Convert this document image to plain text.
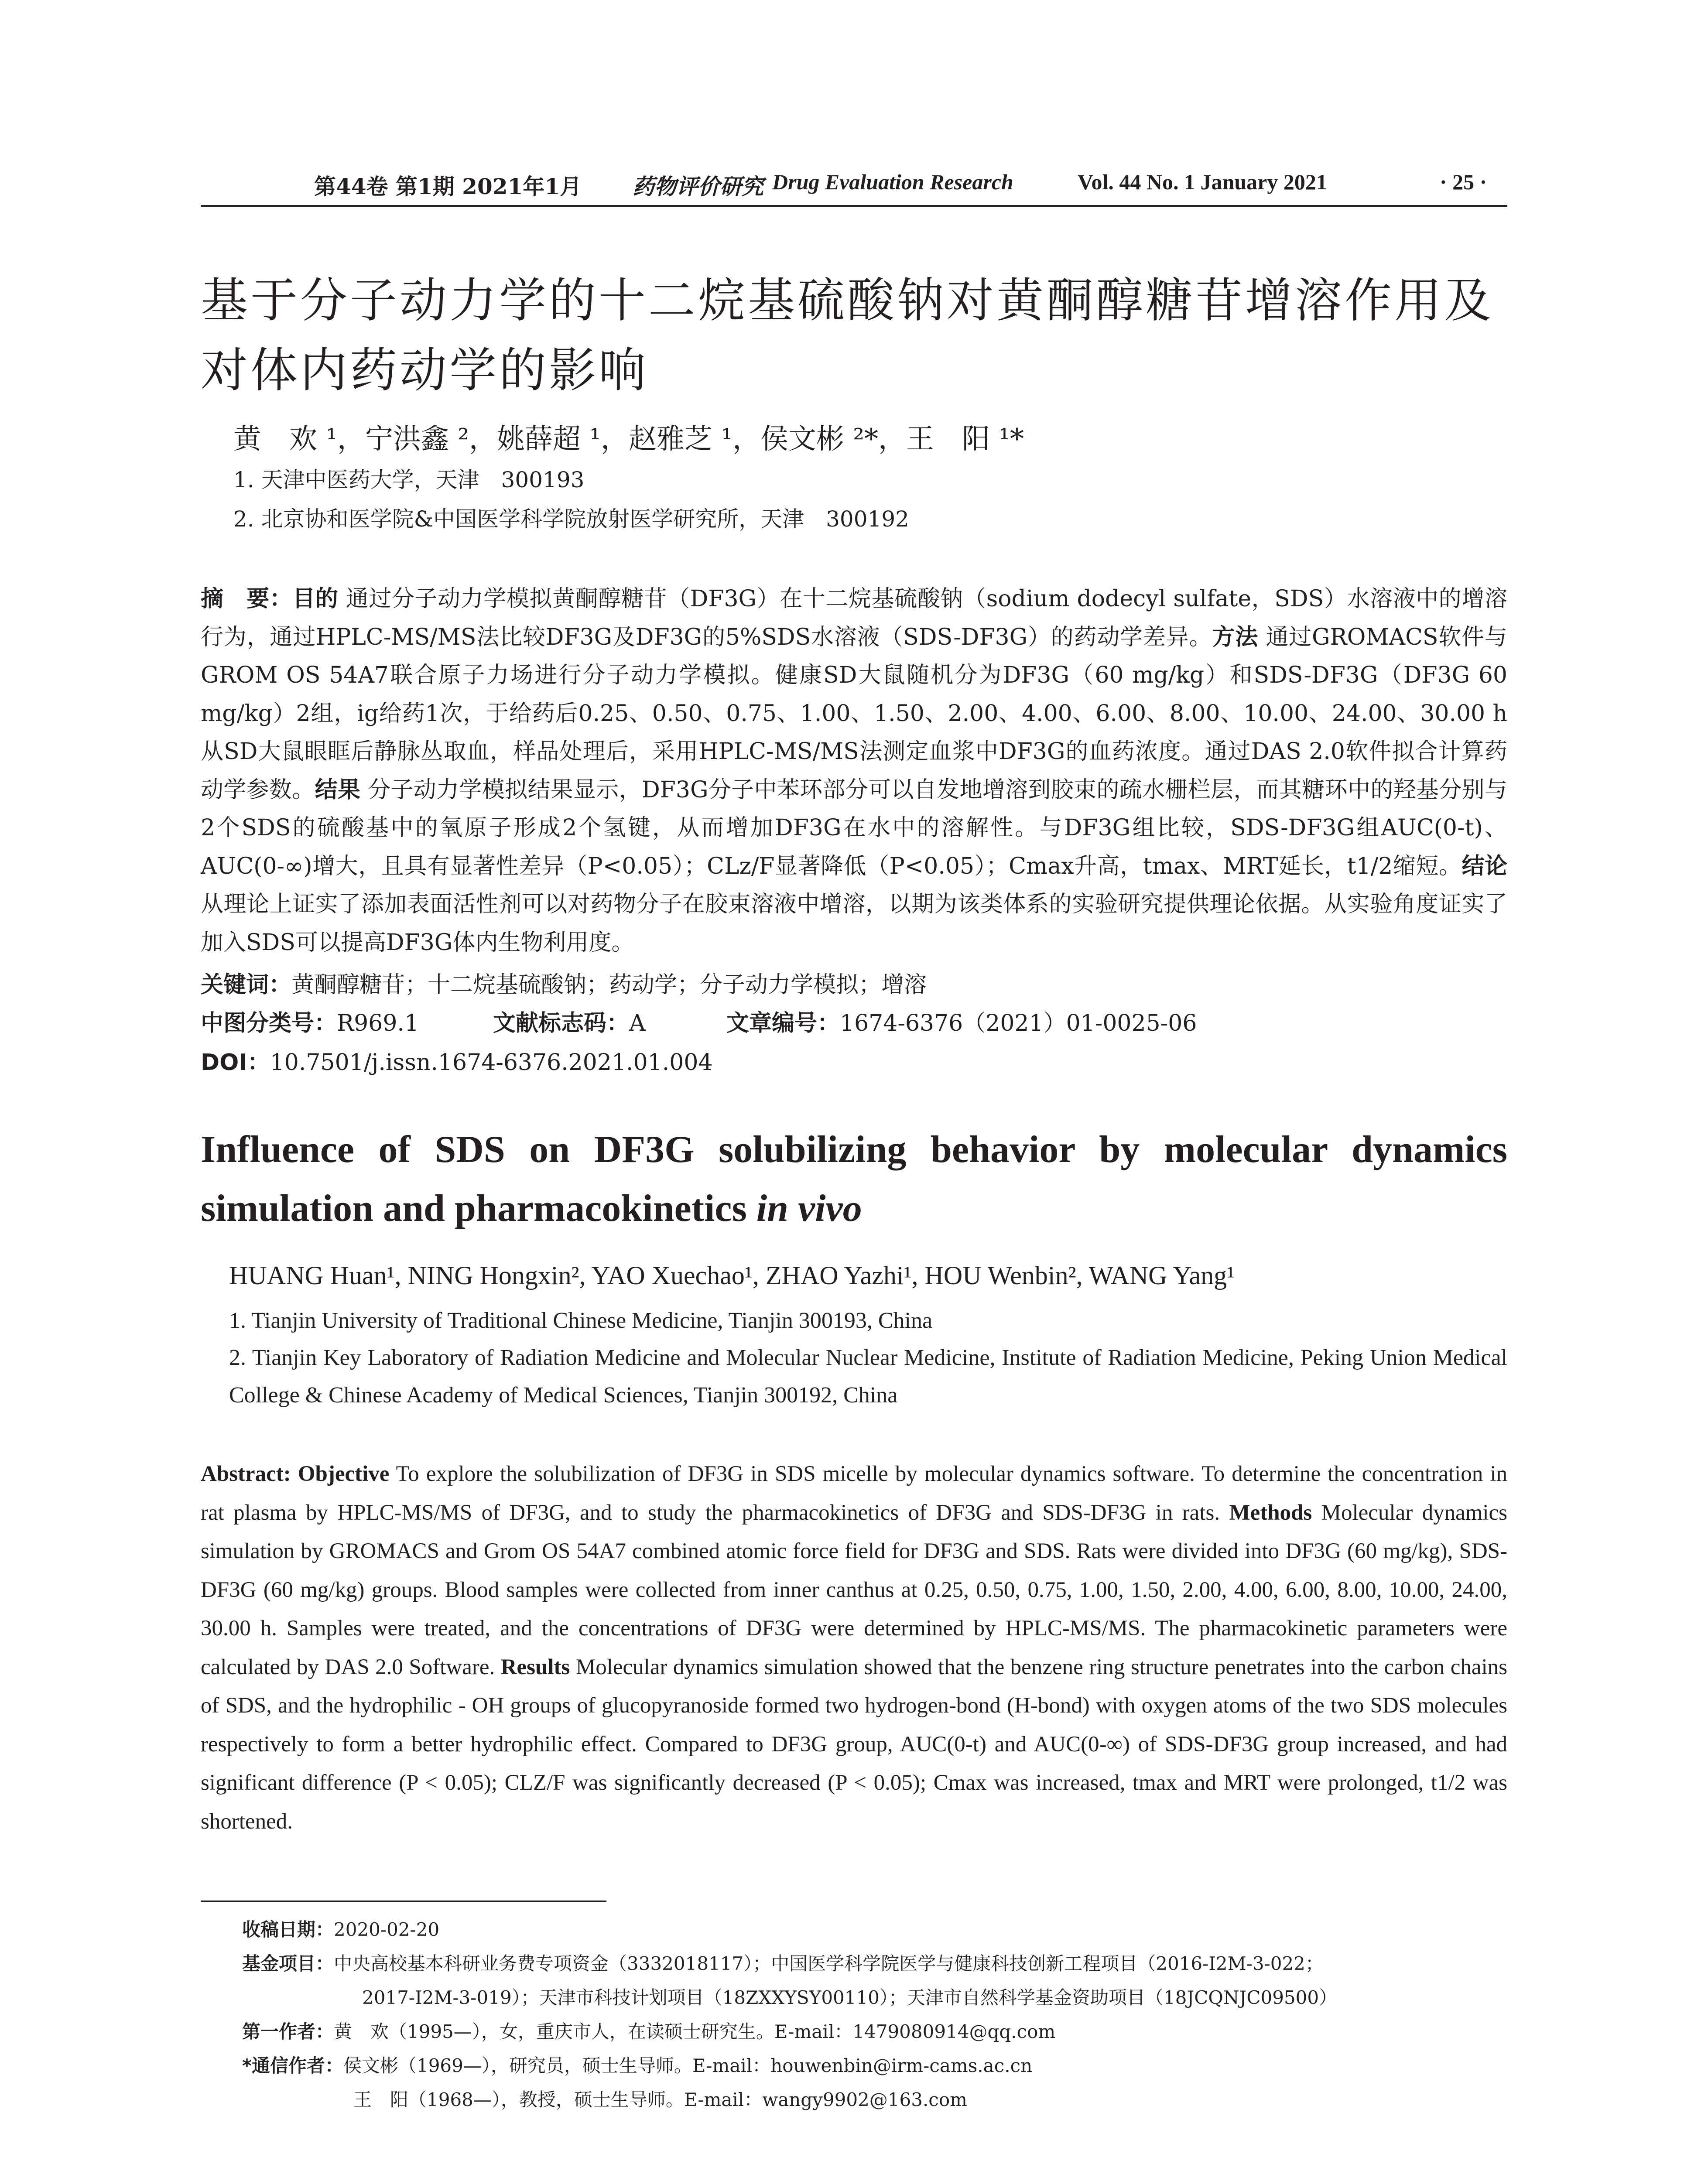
第44卷 第1期 2021年1月 药物评价研究 Drug Evaluation Research	Vol. 44 No. 1 January 2021	· 25 ·
基于分子动力学的十二烷基硫酸钠对黄酮醇糖苷增溶作用及对体内药动学的影响
黄　欢 ¹，宁洪鑫 ²，姚薛超 ¹，赵雅芝 ¹，侯文彬 ²*，王　阳 ¹*
1. 天津中医药大学，天津　300193
2. 北京协和医学院&中国医学科学院放射医学研究所，天津　300192
摘　要：目的 通过分子动力学模拟黄酮醇糖苷（DF3G）在十二烷基硫酸钠（sodium dodecyl sulfate，SDS）水溶液中的增溶行为，通过HPLC-MS/MS法比较DF3G及DF3G的5%SDS水溶液（SDS-DF3G）的药动学差异。方法 通过GROMACS软件与GROM OS 54A7联合原子力场进行分子动力学模拟。健康SD大鼠随机分为DF3G（60 mg/kg）和SDS-DF3G（DF3G 60 mg/kg）2组，ig给药1次，于给药后0.25、0.50、0.75、1.00、1.50、2.00、4.00、6.00、8.00、10.00、24.00、30.00 h从SD大鼠眼眶后静脉丛取血，样品处理后，采用HPLC-MS/MS法测定血浆中DF3G的血药浓度。通过DAS 2.0软件拟合计算药动学参数。结果 分子动力学模拟结果显示，DF3G分子中苯环部分可以自发地增溶到胶束的疏水栅栏层，而其糖环中的羟基分别与2个SDS的硫酸基中的氧原子形成2个氢键，从而增加DF3G在水中的溶解性。与DF3G组比较，SDS-DF3G组AUC(0-t)、AUC(0-∞)增大，且具有显著性差异（P<0.05）；CLz/F显著降低（P<0.05）；Cmax升高，tmax、MRT延长，t1/2缩短。结论 从理论上证实了添加表面活性剂可以对药物分子在胶束溶液中增溶，以期为该类体系的实验研究提供理论依据。从实验角度证实了加入SDS可以提高DF3G体内生物利用度。
关键词：黄酮醇糖苷；十二烷基硫酸钠；药动学；分子动力学模拟；增溶
中图分类号：R969.1	文献标志码：A	文章编号：1674-6376（2021）01-0025-06
DOI：10.7501/j.issn.1674-6376.2021.01.004
Influence of SDS on DF3G solubilizing behavior by molecular dynamics
simulation and pharmacokinetics in vivo
HUANG Huan¹, NING Hongxin², YAO Xuechao¹, ZHAO Yazhi¹, HOU Wenbin², WANG Yang¹
1. Tianjin University of Traditional Chinese Medicine, Tianjin 300193, China
2. Tianjin Key Laboratory of Radiation Medicine and Molecular Nuclear Medicine, Institute of Radiation Medicine, Peking Union Medical College & Chinese Academy of Medical Sciences, Tianjin 300192, China
Abstract: Objective To explore the solubilization of DF3G in SDS micelle by molecular dynamics software. To determine the concentration in rat plasma by HPLC-MS/MS of DF3G, and to study the pharmacokinetics of DF3G and SDS-DF3G in rats. Methods Molecular dynamics simulation by GROMACS and Grom OS 54A7 combined atomic force field for DF3G and SDS. Rats were divided into DF3G (60 mg/kg), SDS-DF3G (60 mg/kg) groups. Blood samples were collected from inner canthus at 0.25, 0.50, 0.75, 1.00, 1.50, 2.00, 4.00, 6.00, 8.00, 10.00, 24.00, 30.00 h. Samples were treated, and the concentrations of DF3G were determined by HPLC-MS/MS. The pharmacokinetic parameters were calculated by DAS 2.0 Software. Results Molecular dynamics simulation showed that the benzene ring structure penetrates into the carbon chains of SDS, and the hydrophilic - OH groups of glucopyranoside formed two hydrogen-bond (H-bond) with oxygen atoms of the two SDS molecules respectively to form a better hydrophilic effect. Compared to DF3G group, AUC(0-t) and AUC(0-∞) of SDS-DF3G group increased, and had significant difference (P < 0.05); CLZ/F was significantly decreased (P < 0.05); Cmax was increased, tmax and MRT were prolonged, t1/2 was shortened.
收稿日期：2020-02-20
基金项目：中央高校基本科研业务费专项资金（3332018117）；中国医学科学院医学与健康科技创新工程项目（2016-I2M-3-022；
2017-I2M-3-019）；天津市科技计划项目（18ZXXYSY00110）；天津市自然科学基金资助项目（18JCQNJC09500）
第一作者：黄　欢（1995—），女，重庆市人，在读硕士研究生。E-mail：1479080914@qq.com
*通信作者：侯文彬（1969—），研究员，硕士生导师。E-mail：houwenbin@irm-cams.ac.cn
王　阳（1968—），教授，硕士生导师。E-mail：wangy9902@163.com
